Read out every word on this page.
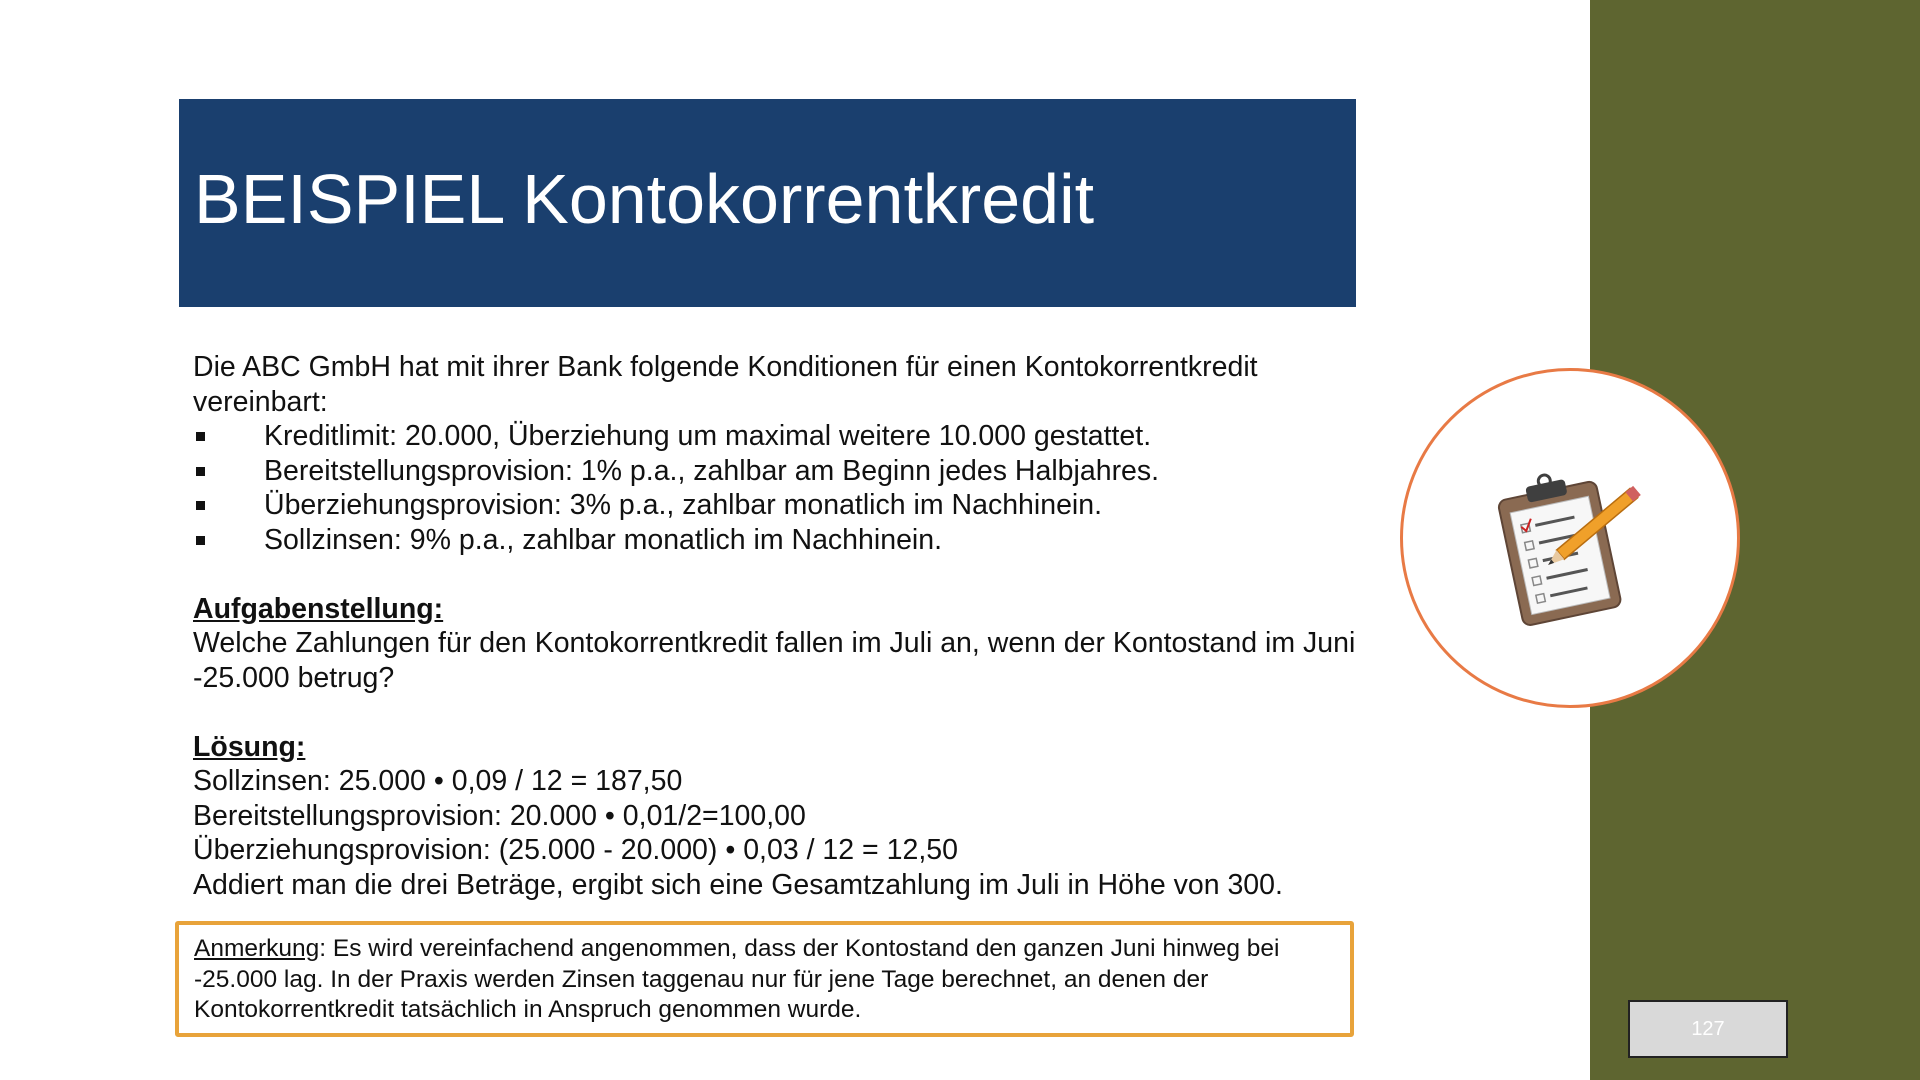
BEISPIEL Kontokorrentkredit

Die ABC GmbH hat mit ihrer Bank folgende Konditionen für einen Kontokorrentkredit vereinbart:

Kreditlimit: 20.000, Überziehung um maximal weitere 10.000 gestattet.
Bereitstellungsprovision: 1% p.a., zahlbar am Beginn jedes Halbjahres.
Überziehungsprovision: 3% p.a., zahlbar monatlich im Nachhinein.
Sollzinsen: 9% p.a., zahlbar monatlich im Nachhinein.
Aufgabenstellung:
Welche Zahlungen für den Kontokorrentkredit fallen im Juli an, wenn der Kontostand im Juni -25.000 betrug?
Lösung:
Sollzinsen: 25.000 • 0,09 / 12 = 187,50
Bereitstellungsprovision: 20.000 • 0,01/2=100,00
Überziehungsprovision: (25.000 - 20.000) • 0,03 / 12 = 12,50
Addiert man die drei Beträge, ergibt sich eine Gesamtzahlung im Juli in Höhe von 300.
Anmerkung: Es wird vereinfachend angenommen, dass der Kontostand den ganzen Juni hinweg bei -25.000 lag. In der Praxis werden Zinsen taggenau nur für jene Tage berechnet, an denen der Kontokorrentkredit tatsächlich in Anspruch genommen wurde.
127
